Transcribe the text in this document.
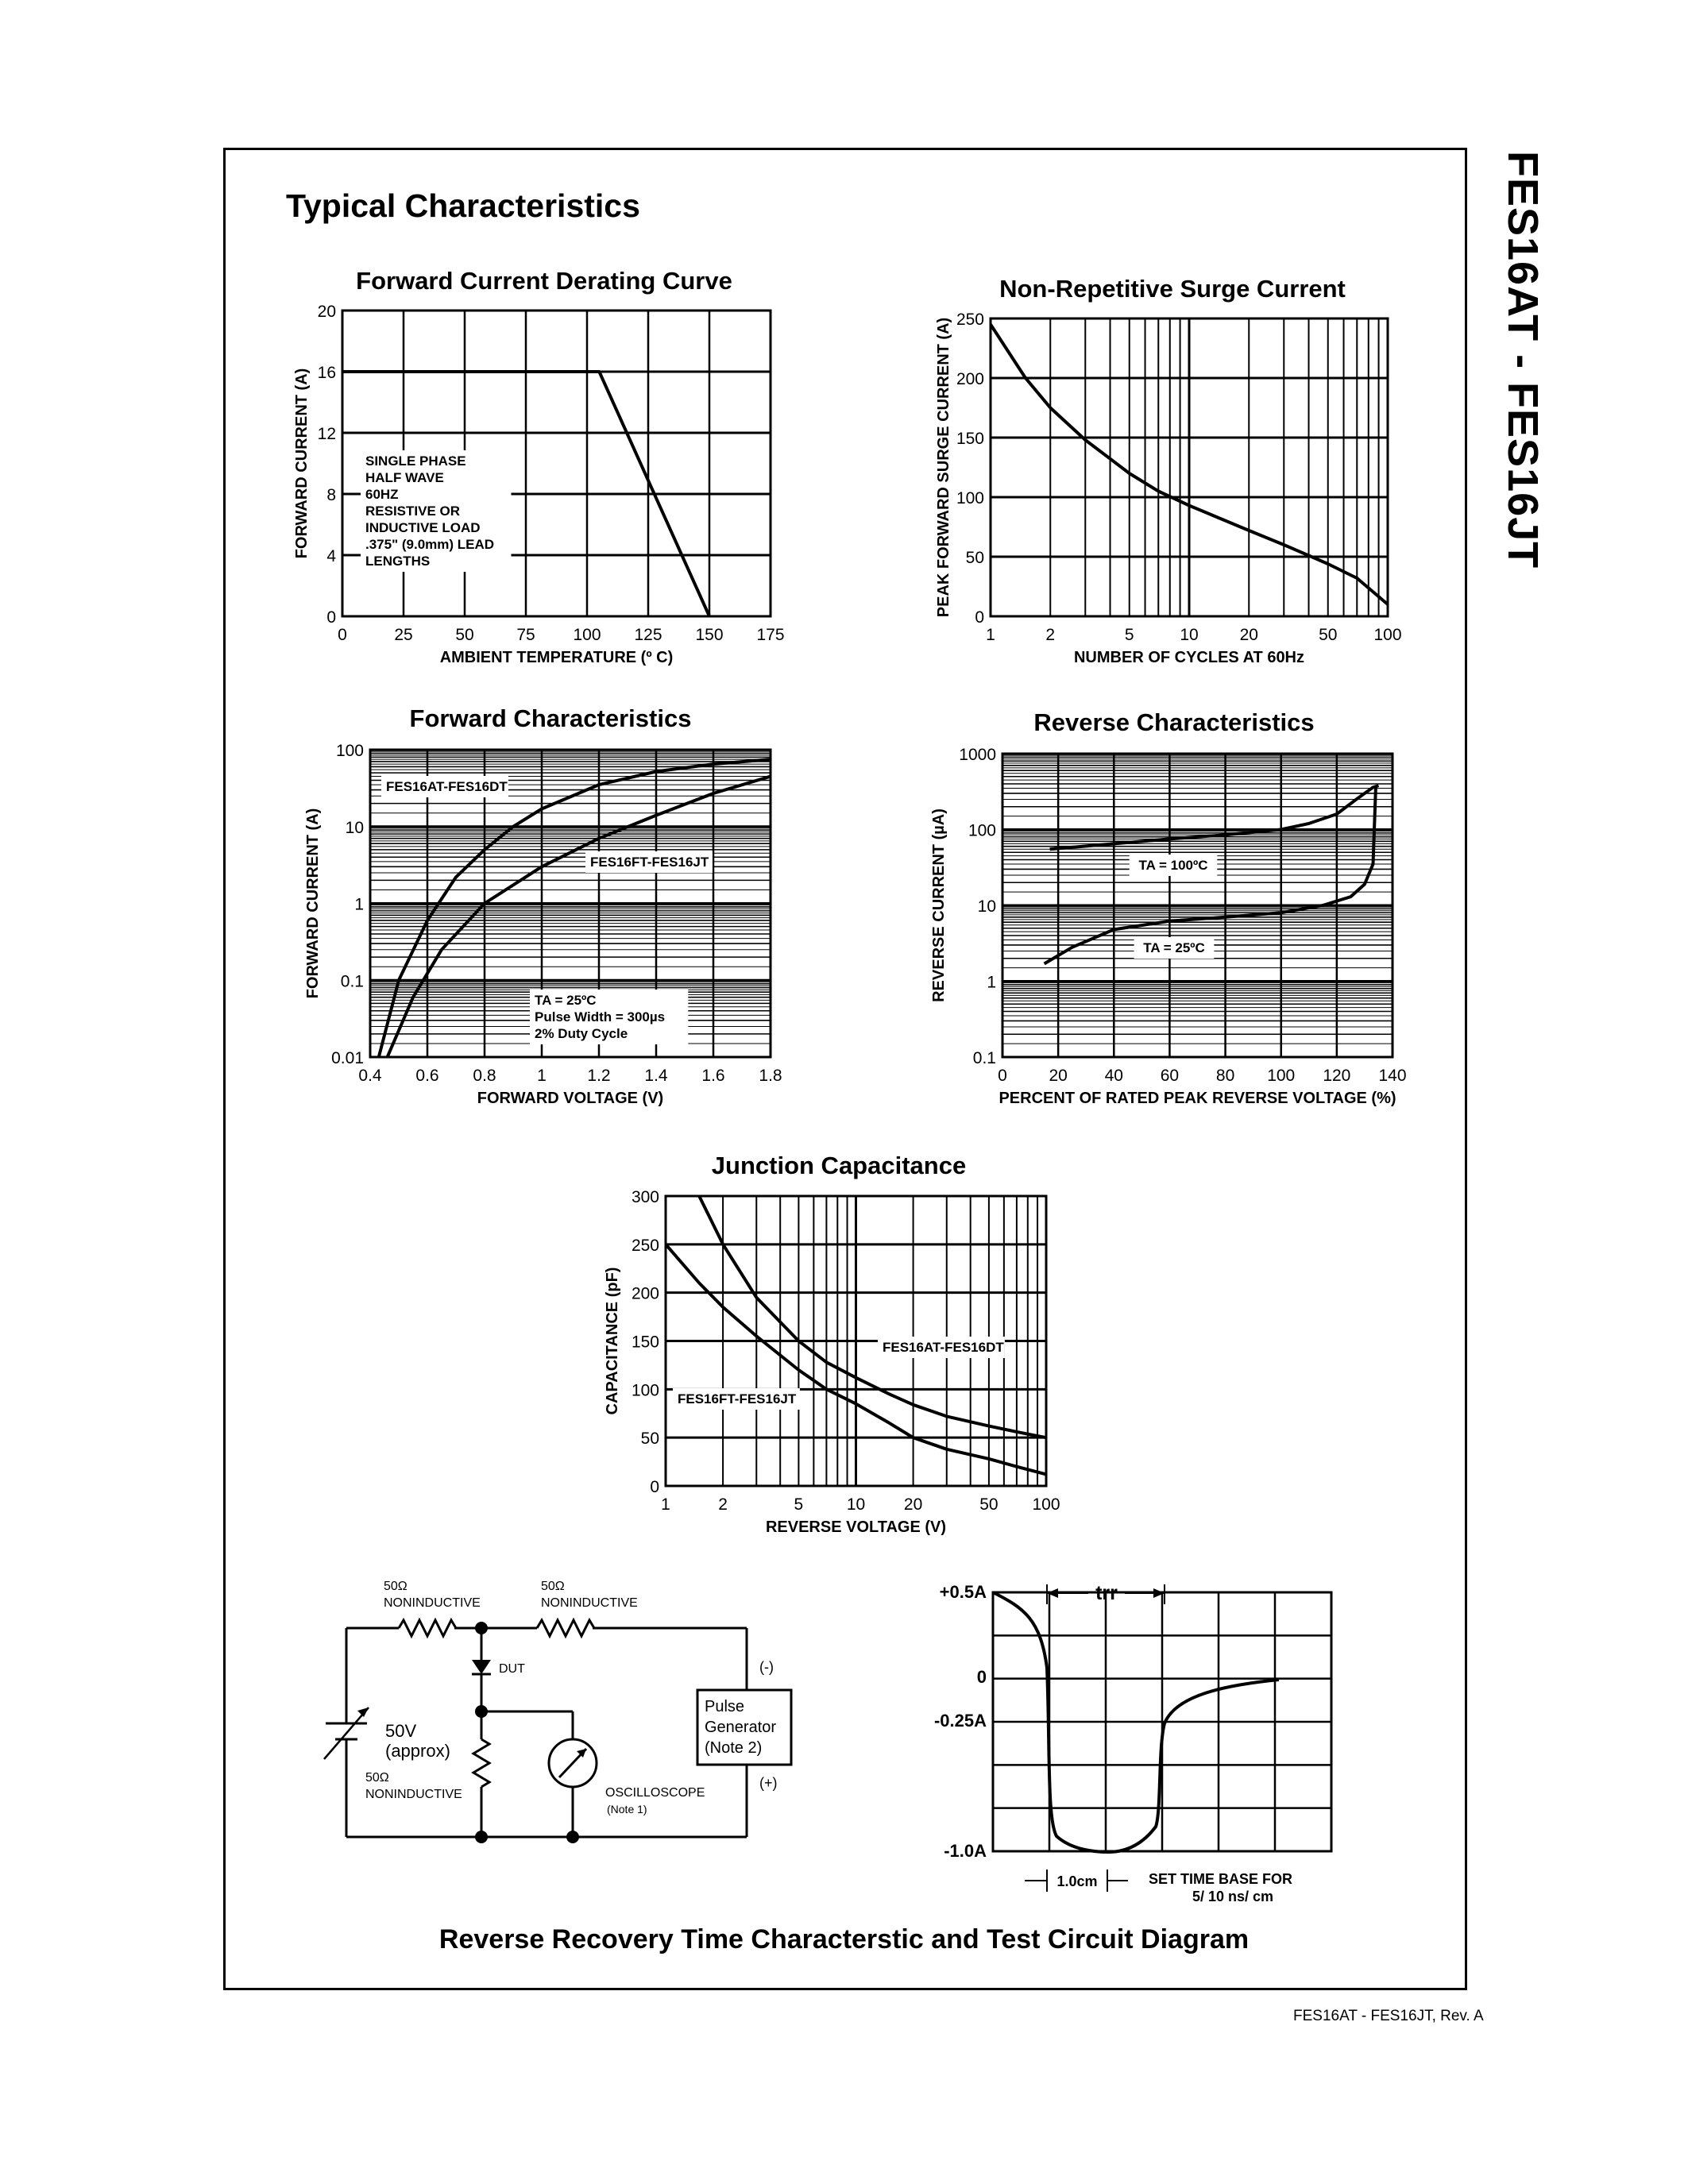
FES16AT - FES16JT
Typical Characteristics
Reverse Recovery Time Characterstic and Test Circuit Diagram
FES16AT - FES16JT, Rev. A
0	25	50	75 100 125 150 175
0
4
8
12
16
20
Forward Current Derating Curve
AMBIENT TEMPERATURE (º C)
FORWARD CURRENT (A)	SINGLE PHASE
HALF WAVE
60HZ
RESISTIVE OR
INDUCTIVE LOAD
.375" (9.0mm) LEAD
LENGTHS
1	2	5	10 20	50 100
0
50
100
150
200
250
Non-Repetitive Surge Current
NUMBER OF CYCLES AT 60Hz
PEAK FORWARD SURGE CURRENT (A)
0.4 0.6 0.8 1 1.2 1.4 1.6 1.8
0.01
0.1
1
10
100
Forward Characteristics
FORWARD VOLTAGE (V)
FORWARD CURRENT (A)
FES16AT-FES16DT
FES16FT-FES16JT
TA = 25ºC
Pulse Width = 300µs
2% Duty Cycle
0	20 40 60 80 100 120 140
0.1
1
10
100
1000
Reverse Characteristics
PERCENT OF RATED PEAK REVERSE VOLTAGE (%)
REVERSE CURRENT (µA)	TA = 100ºC
TA = 25ºC
1	2	5	10 20	50 100
0
50
100
150
200
250
300
Junction Capacitance
REVERSE VOLTAGE (V)
CAPACITANCE (pF)	FES16AT-FES16DT
FES16FT-FES16JT
+0.5A
0
-0.25A
-1.0A
trr
1.0cm	SET TIME BASE FOR
5/ 10 ns/ cm
50Ω
NONINDUCTIVE
50Ω
NONINDUCTIVE
50V
(approx)
DUT
50Ω
NONINDUCTIVE	OSCILLOSCOPE
(Note 1)
Pulse
Generator
(Note 2)
(-)
(+)
